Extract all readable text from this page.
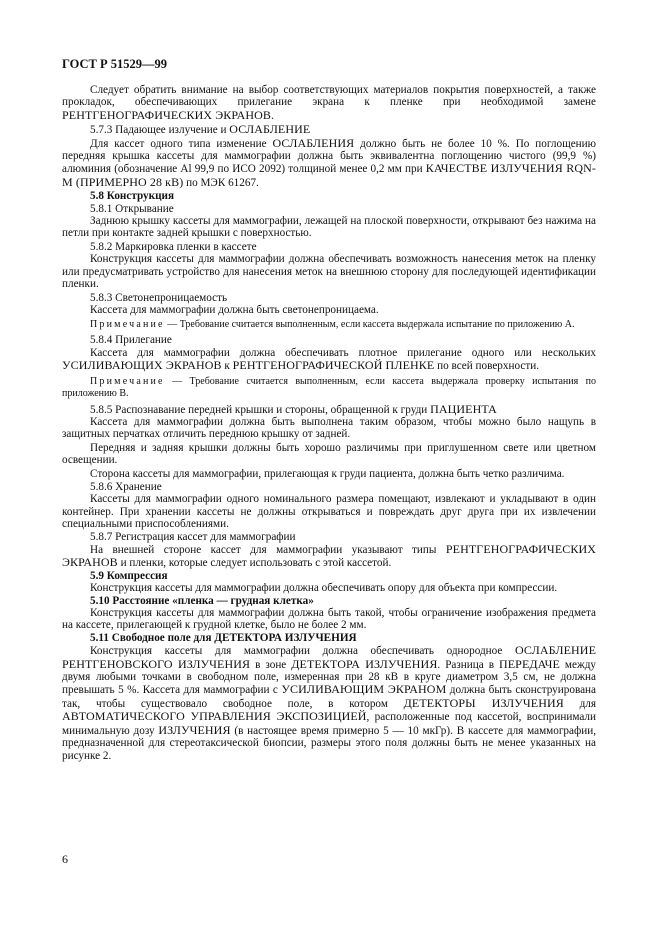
ГОСТ Р 51529—99

Следует обратить внимание на выбор соответствующих материалов покрытия поверхностей, а также прокладок, обеспечивающих прилегание экрана к пленке при необходимой замене РЕНТГЕНОГРАФИЧЕСКИХ ЭКРАНОВ.

5.7.3 Падающее излучение и ОСЛАБЛЕНИЕ

Для кассет одного типа изменение ОСЛАБЛЕНИЯ должно быть не более 10 %. По поглощению передняя крышка кассеты для маммографии должна быть эквивалентна поглощению чистого (99,9 %) алюминия (обозначение Al 99,9 по ИСО 2092) толщиной менее 0,2 мм при КАЧЕСТВЕ ИЗЛУЧЕНИЯ RQN-M (ПРИМЕРНО 28 кВ) по МЭК 61267.

5.8 Конструкция

5.8.1 Открывание

Заднюю крышку кассеты для маммографии, лежащей на плоской поверхности, открывают без нажима на петли при контакте задней крышки с поверхностью.

5.8.2 Маркировка пленки в кассете

Конструкция кассеты для маммографии должна обеспечивать возможность нанесения меток на пленку или предусматривать устройство для нанесения меток на внешнюю сторону для последующей идентификации пленки.

5.8.3 Светонепроницаемость

Кассета для маммографии должна быть светонепроницаема.

Примечание — Требование считается выполненным, если кассета выдержала испытание по приложению А.

5.8.4 Прилегание

Кассета для маммографии должна обеспечивать плотное прилегание одного или нескольких УСИЛИВАЮЩИХ ЭКРАНОВ к РЕНТГЕНОГРАФИЧЕСКОЙ ПЛЕНКЕ по всей поверхности.

Примечание — Требование считается выполненным, если кассета выдержала проверку испытания по приложению В.

5.8.5 Распознавание передней крышки и стороны, обращенной к груди ПАЦИЕНТА

Кассета для маммографии должна быть выполнена таким образом, чтобы можно было нащупь в защитных перчатках отличить переднюю крышку от задней.

Передняя и задняя крышки должны быть хорошо различимы при приглушенном свете или цветном освещении.

Сторона кассеты для маммографии, прилегающая к груди пациента, должна быть четко различима.

5.8.6 Хранение

Кассеты для маммографии одного номинального размера помещают, извлекают и укладывают в один контейнер. При хранении кассеты не должны открываться и повреждать друг друга при их извлечении специальными приспособлениями.

5.8.7 Регистрация кассет для маммографии

На внешней стороне кассет для маммографии указывают типы РЕНТГЕНОГРАФИЧЕСКИХ ЭКРАНОВ и пленки, которые следует использовать с этой кассетой.

5.9 Компрессия

Конструкция кассеты для маммографии должна обеспечивать опору для объекта при компрессии.

5.10 Расстояние «пленка — грудная клетка»

Конструкция кассеты для маммографии должна быть такой, чтобы ограничение изображения предмета на кассете, прилегающей к грудной клетке, было не более 2 мм.

5.11 Свободное поле для ДЕТЕКТОРА ИЗЛУЧЕНИЯ

Конструкция кассеты для маммографии должна обеспечивать однородное ОСЛАБЛЕНИЕ РЕНТГЕНОВСКОГО ИЗЛУЧЕНИЯ в зоне ДЕТЕКТОРА ИЗЛУЧЕНИЯ. Разница в ПЕРЕДАЧЕ между двумя любыми точками в свободном поле, измеренная при 28 кВ в круге диаметром 3,5 см, не должна превышать 5 %. Кассета для маммографии с УСИЛИВАЮЩИМ ЭКРАНОМ должна быть сконструирована так, чтобы существовало свободное поле, в котором ДЕТЕКТОРЫ ИЗЛУЧЕНИЯ для АВТОМАТИЧЕСКОГО УПРАВЛЕНИЯ ЭКСПОЗИЦИЕЙ, расположенные под кассетой, воспринимали минимальную дозу ИЗЛУЧЕНИЯ (в настоящее время примерно 5 — 10 мкГр). В кассете для маммографии, предназначенной для стереотаксической биопсии, размеры этого поля должны быть не менее указанных на рисунке 2.

6
